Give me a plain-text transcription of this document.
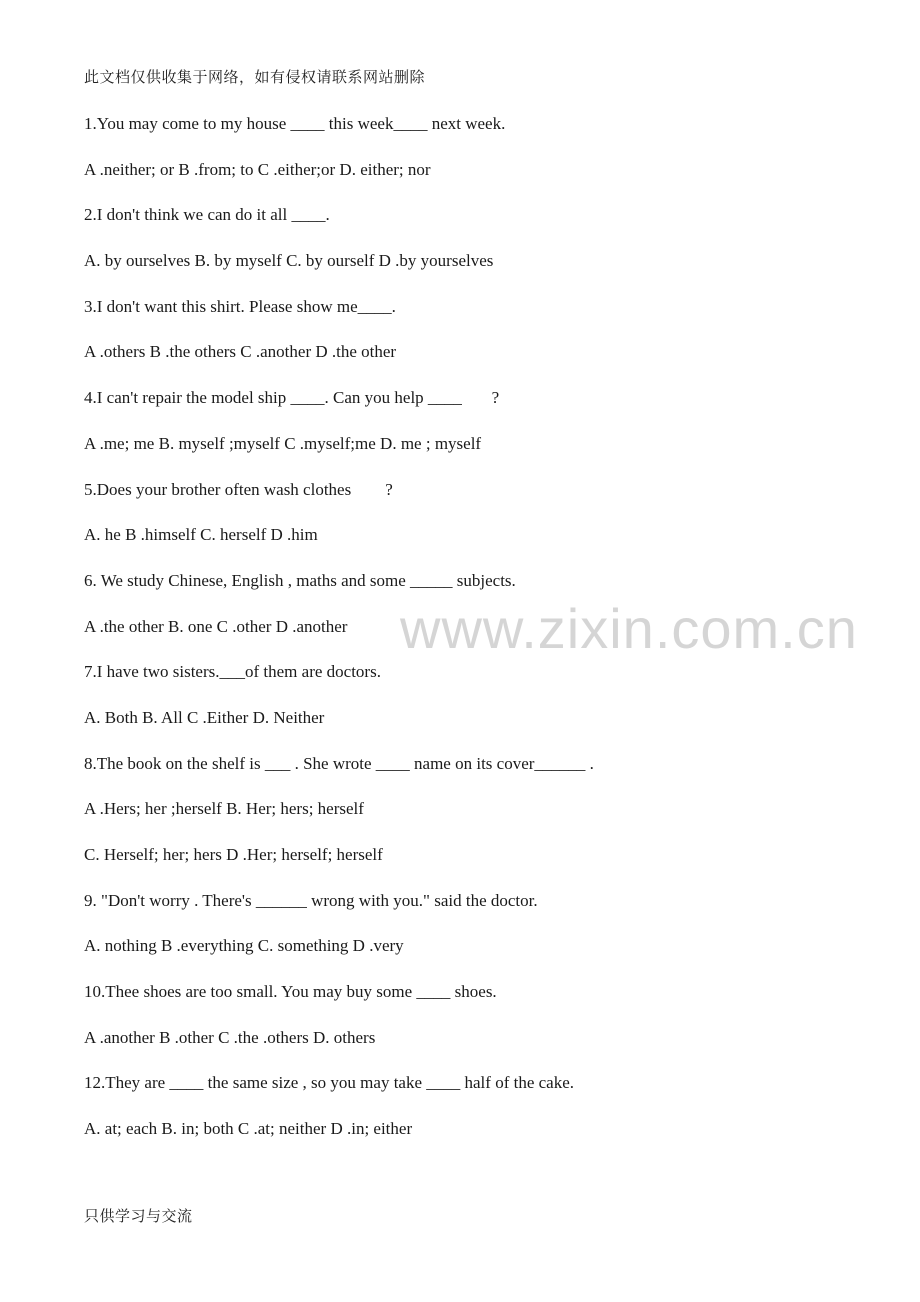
此文档仅供收集于网络，如有侵权请联系网站删除
1.You may come to my house ____ this week____ next week.
A .neither; or B .from; to C .either;or D. either; nor
2.I don't think we can do it all ____.
A. by ourselves B. by myself C. by ourself D .by yourselves
3.I don't want this shirt. Please show me____.
A .others B .the others C .another D .the other
4.I can't repair the model ship ____. Can you help ____       ?
A .me; me B. myself ;myself C .myself;me D. me ; myself
5.Does your brother often wash clothes        ?
A. he B .himself C. herself D .him
6. We study Chinese, English , maths and some _____ subjects.
A .the other B. one C .other D .another
7.I have two sisters.___of them are doctors.
A. Both B. All C .Either D. Neither
8.The book on the shelf is ___ . She wrote ____ name on its cover______ .
A .Hers; her ;herself B. Her; hers; herself
C. Herself; her; hers D .Her; herself; herself
9. "Don't worry . There's ______ wrong with you." said the doctor.
A. nothing B .everything C. something D .very
10.Thee shoes are too small. You may buy some ____ shoes.
A .another B .other C .the .others D. others
12.They are ____ the same size , so you may take ____ half of the cake.
A. at; each B. in; both C .at; neither D .in; either
www.zixin.com.cn
只供学习与交流
